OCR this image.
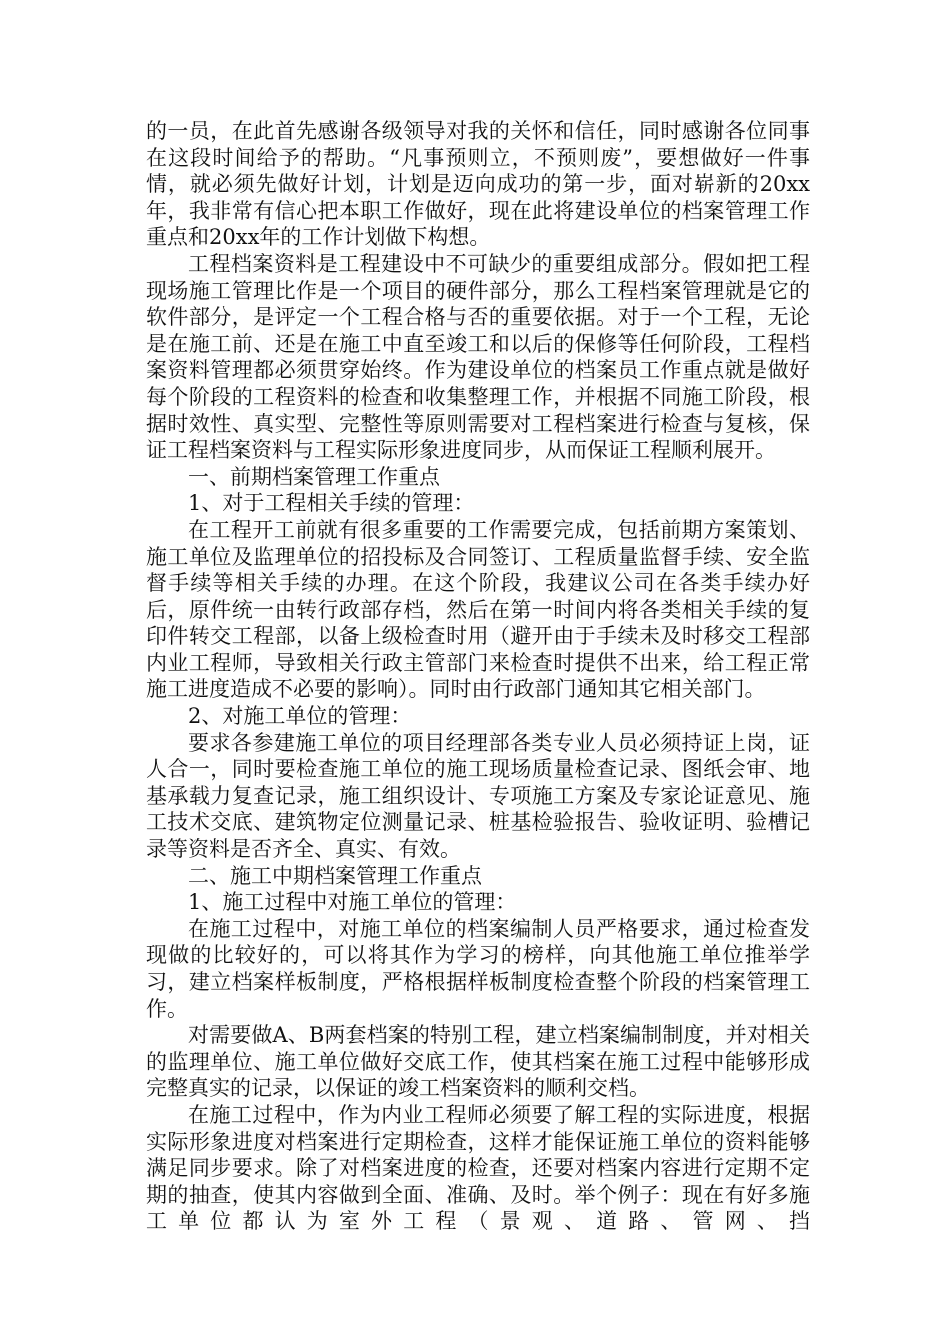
的一员，在此首先感谢各级领导对我的关怀和信任，同时感谢各位同事在这段时间给予的帮助。“凡事预则立，不预则废”，要想做好一件事情，就必须先做好计划，计划是迈向成功的第一步，面对崭新的20xx年，我非常有信心把本职工作做好，现在此将建设单位的档案管理工作重点和20xx年的工作计划做下构想。

工程档案资料是工程建设中不可缺少的重要组成部分。假如把工程现场施工管理比作是一个项目的硬件部分，那么工程档案管理就是它的软件部分，是评定一个工程合格与否的重要依据。对于一个工程，无论是在施工前、还是在施工中直至竣工和以后的保修等任何阶段，工程档案资料管理都必须贯穿始终。作为建设单位的档案员工作重点就是做好每个阶段的工程资料的检查和收集整理工作，并根据不同施工阶段，根据时效性、真实型、完整性等原则需要对工程档案进行检查与复核，保证工程档案资料与工程实际形象进度同步，从而保证工程顺利展开。

一、前期档案管理工作重点

1、对于工程相关手续的管理：

在工程开工前就有很多重要的工作需要完成，包括前期方案策划、施工单位及监理单位的招投标及合同签订、工程质量监督手续、安全监督手续等相关手续的办理。在这个阶段，我建议公司在各类手续办好后，原件统一由转行政部存档，然后在第一时间内将各类相关手续的复印件转交工程部，以备上级检查时用（避开由于手续未及时移交工程部内业工程师，导致相关行政主管部门来检查时提供不出来，给工程正常施工进度造成不必要的影响）。同时由行政部门通知其它相关部门。

2、对施工单位的管理：

要求各参建施工单位的项目经理部各类专业人员必须持证上岗，证人合一，同时要检查施工单位的施工现场质量检查记录、图纸会审、地基承载力复查记录，施工组织设计、专项施工方案及专家论证意见、施工技术交底、建筑物定位测量记录、桩基检验报告、验收证明、验槽记录等资料是否齐全、真实、有效。

二、施工中期档案管理工作重点

1、施工过程中对施工单位的管理：

在施工过程中，对施工单位的档案编制人员严格要求，通过检查发现做的比较好的，可以将其作为学习的榜样，向其他施工单位推举学习，建立档案样板制度，严格根据样板制度检查整个阶段的档案管理工作。

对需要做A、B两套档案的特别工程，建立档案编制制度，并对相关的监理单位、施工单位做好交底工作，使其档案在施工过程中能够形成完整真实的记录，以保证的竣工档案资料的顺利交档。

在施工过程中，作为内业工程师必须要了解工程的实际进度，根据实际形象进度对档案进行定期检查，这样才能保证施工单位的资料能够满足同步要求。除了对档案进度的检查，还要对档案内容进行定期不定期的抽查，使其内容做到全面、准确、及时。举个例子：现在有好多施工单位都认为室外工程（景观、道路、管网、挡
